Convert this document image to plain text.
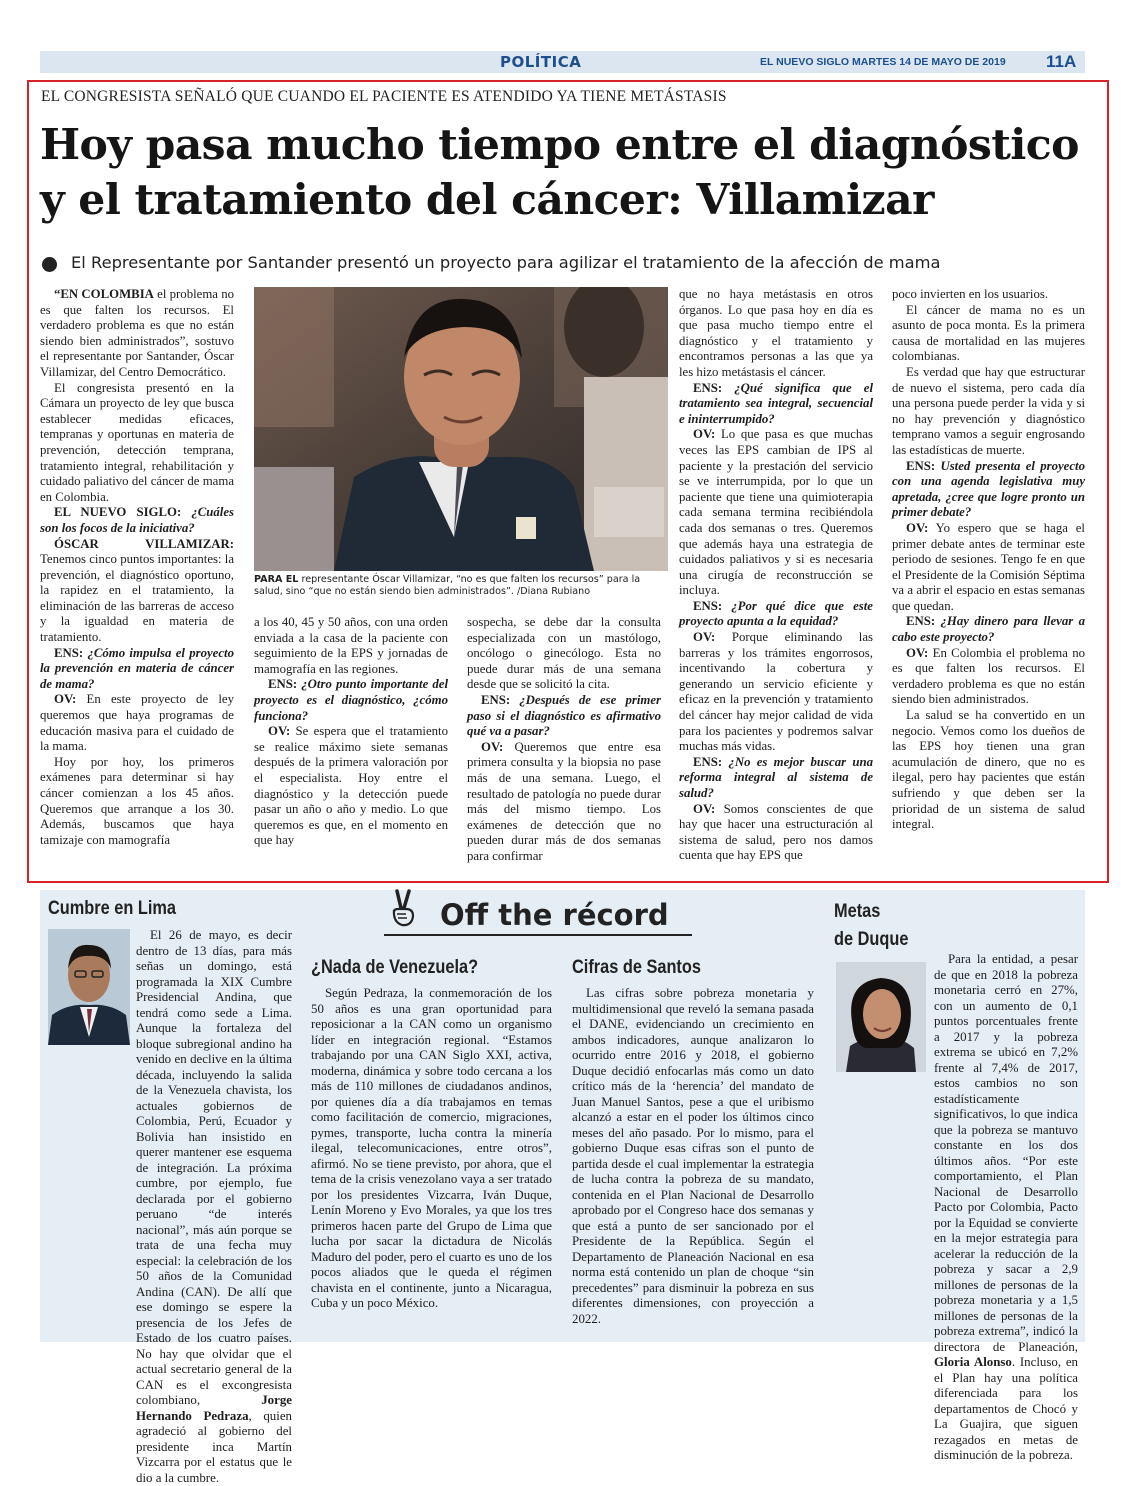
POLÍTICA	EL NUEVO SIGLO MARTES 14 DE MAYO DE 2019 11A
EL CONGRESISTA SEÑALÓ QUE CUANDO EL PACIENTE ES ATENDIDO YA TIENE METÁSTASIS
Hoy pasa mucho tiempo entre el diagnóstico
y el tratamiento del cáncer: Villamizar
El Representante por Santander presentó un proyecto para agilizar el tratamiento de la afección de mama

“EN COLOMBIA el problema no es que falten los recursos. El verdadero problema es que no están siendo bien administrados”, sostuvo el representante por Santander, Óscar Villamizar, del Centro Democrático.

El congresista presentó en la Cámara un proyecto de ley que busca establecer medidas eficaces, tempranas y oportunas en materia de prevención, detección temprana, tratamiento integral, rehabilitación y cuidado paliativo del cáncer de mama en Colombia.

EL NUEVO SIGLO: ¿Cuáles son los focos de la iniciativa?

ÓSCAR VILLAMIZAR: Tenemos cinco puntos importantes: la prevención, el diagnóstico oportuno, la rapidez en el tratamiento, la eliminación de las barreras de acceso y la igualdad en materia de tratamiento.

ENS: ¿Cómo impulsa el proyecto la prevención en materia de cáncer de mama?

OV: En este proyecto de ley queremos que haya programas de educación masiva para el cuidado de la mama.

Hoy por hoy, los primeros exámenes para determinar si hay cáncer comienzan a los 45 años. Queremos que arranque a los 30. Además, buscamos que haya tamizaje con mamografía

a los 40, 45 y 50 años, con una orden enviada a la casa de la paciente con seguimiento de la EPS y jornadas de mamografía en las regiones.

ENS: ¿Otro punto importante del proyecto es el diagnóstico, ¿cómo funciona?

OV: Se espera que el tratamiento se realice máximo siete semanas después de la primera valoración por el especialista. Hoy entre el diagnóstico y la detección puede pasar un año o año y medio. Lo que queremos es que, en el momento en que hay

sospecha, se debe dar la consulta especializada con un mastólogo, oncólogo o ginecólogo. Esta no puede durar más de una semana desde que se solicitó la cita.

ENS: ¿Después de ese primer paso si el diagnóstico es afirmativo qué va a pasar?

OV: Queremos que entre esa primera consulta y la biopsia no pase más de una semana. Luego, el resultado de patología no puede durar más del mismo tiempo. Los exámenes de detección que no pueden durar más de dos semanas para confirmar

que no haya metástasis en otros órganos. Lo que pasa hoy en día es que pasa mucho tiempo entre el diagnóstico y el tratamiento y encontramos personas a las que ya les hizo metástasis el cáncer.

ENS: ¿Qué significa que el tratamiento sea integral, secuencial e ininterrumpido?

OV: Lo que pasa es que muchas veces las EPS cambian de IPS al paciente y la prestación del servicio se ve interrumpida, por lo que un paciente que tiene una quimioterapia cada semana termina recibiéndola cada dos semanas o tres. Queremos que además haya una estrategia de cuidados paliativos y si es necesaria una cirugía de reconstrucción se incluya.

ENS: ¿Por qué dice que este proyecto apunta a la equidad?

OV: Porque eliminando las barreras y los trámites engorrosos, incentivando la cobertura y generando un servicio eficiente y eficaz en la prevención y tratamiento del cáncer hay mejor calidad de vida para los pacientes y podremos salvar muchas más vidas.

ENS: ¿No es mejor buscar una reforma integral al sistema de salud?

OV: Somos conscientes de que hay que hacer una estructuración al sistema de salud, pero nos damos cuenta que hay EPS que

poco invierten en los usuarios.

El cáncer de mama no es un asunto de poca monta. Es la primera causa de mortalidad en las mujeres colombianas.

Es verdad que hay que estructurar de nuevo el sistema, pero cada día una persona puede perder la vida y si no hay prevención y diagnóstico temprano vamos a seguir engrosando las estadísticas de muerte.

ENS: Usted presenta el proyecto con una agenda legislativa muy apretada, ¿cree que logre pronto un primer debate?

OV: Yo espero que se haga el primer debate antes de terminar este periodo de sesiones. Tengo fe en que el Presidente de la Comisión Séptima va a abrir el espacio en estas semanas que quedan.

ENS: ¿Hay dinero para llevar a cabo este proyecto?

OV: En Colombia el problema no es que falten los recursos. El verdadero problema es que no están siendo bien administrados.

La salud se ha convertido en un negocio. Vemos como los dueños de las EPS hoy tienen una gran acumulación de dinero, que no es ilegal, pero hay pacientes que están sufriendo y que deben ser la prioridad de un sistema de salud integral.

PARA EL representante Óscar Villamizar, “no es que falten los recursos” para la salud, sino “que no están siendo bien administrados”. /Diana Rubiano
Off the récord
Cumbre en Lima

El 26 de mayo, es decir dentro de 13 días, para más señas un domingo, está programada la XIX Cumbre Presidencial Andina, que tendrá como sede a Lima. Aunque la fortaleza del bloque subregional andino ha venido en declive en la última década, incluyendo la salida de la Venezuela chavista, los actuales gobiernos de Colombia, Perú, Ecuador y Bolivia han insistido en querer mantener ese esquema de integración. La próxima cumbre, por ejemplo, fue declarada por el gobierno peruano “de interés nacional”, más aún porque se trata de una fecha muy especial: la celebración de los 50 años de la Comunidad Andina (CAN). De allí que ese domingo se espere la presencia de los Jefes de Estado de los cuatro países. No hay que olvidar que el actual secretario general de la CAN es el excongresista colombiano, Jorge Hernando Pedraza, quien agradeció al gobierno del presidente inca Martín Vizcarra por el estatus que le dio a la cumbre.

¿Nada de Venezuela?

Según Pedraza, la conmemoración de los 50 años es una gran oportunidad para reposicionar a la CAN como un organismo líder en integración regional. “Estamos trabajando por una CAN Siglo XXI, activa, moderna, dinámica y sobre todo cercana a los más de 110 millones de ciudadanos andinos, por quienes día a día trabajamos en temas como facilitación de comercio, migraciones, pymes, transporte, lucha contra la minería ilegal, telecomunicaciones, entre otros”, afirmó. No se tiene previsto, por ahora, que el tema de la crisis venezolano vaya a ser tratado por los presidentes Vizcarra, Iván Duque, Lenín Moreno y Evo Morales, ya que los tres primeros hacen parte del Grupo de Lima que lucha por sacar la dictadura de Nicolás Maduro del poder, pero el cuarto es uno de los pocos aliados que le queda el régimen chavista en el continente, junto a Nicaragua, Cuba y un poco México.

Cifras de Santos

Las cifras sobre pobreza monetaria y multidimensional que reveló la semana pasada el DANE, evidenciando un crecimiento en ambos indicadores, aunque analizaron lo ocurrido entre 2016 y 2018, el gobierno Duque decidió enfocarlas más como un dato crítico más de la ‘herencia’ del mandato de Juan Manuel Santos, pese a que el uribismo alcanzó a estar en el poder los últimos cinco meses del año pasado. Por lo mismo, para el gobierno Duque esas cifras son el punto de partida desde el cual implementar la estrategia de lucha contra la pobreza de su mandato, contenida en el Plan Nacional de Desarrollo aprobado por el Congreso hace dos semanas y que está a punto de ser sancionado por el Presidente de la República. Según el Departamento de Planeación Nacional en esa norma está contenido un plan de choque “sin precedentes” para disminuir la pobreza en sus diferentes dimensiones, con proyección a 2022.

Metas
de Duque

Para la entidad, a pesar de que en 2018 la pobreza monetaria cerró en 27%, con un aumento de 0,1 puntos porcentuales frente a 2017 y la pobreza extrema se ubicó en 7,2% frente al 7,4% de 2017, estos cambios no son estadísticamente significativos, lo que indica que la pobreza se mantuvo constante en los dos últimos años. “Por este comportamiento, el Plan Nacional de Desarrollo Pacto por Colombia, Pacto por la Equidad se convierte en la mejor estrategia para acelerar la reducción de la pobreza y sacar a 2,9 millones de personas de la pobreza monetaria y a 1,5 millones de personas de la pobreza extrema”, indicó la directora de Planeación, Gloria Alonso. Incluso, en el Plan hay una política diferenciada para los departamentos de Chocó y La Guajira, que siguen rezagados en metas de disminución de la pobreza.
